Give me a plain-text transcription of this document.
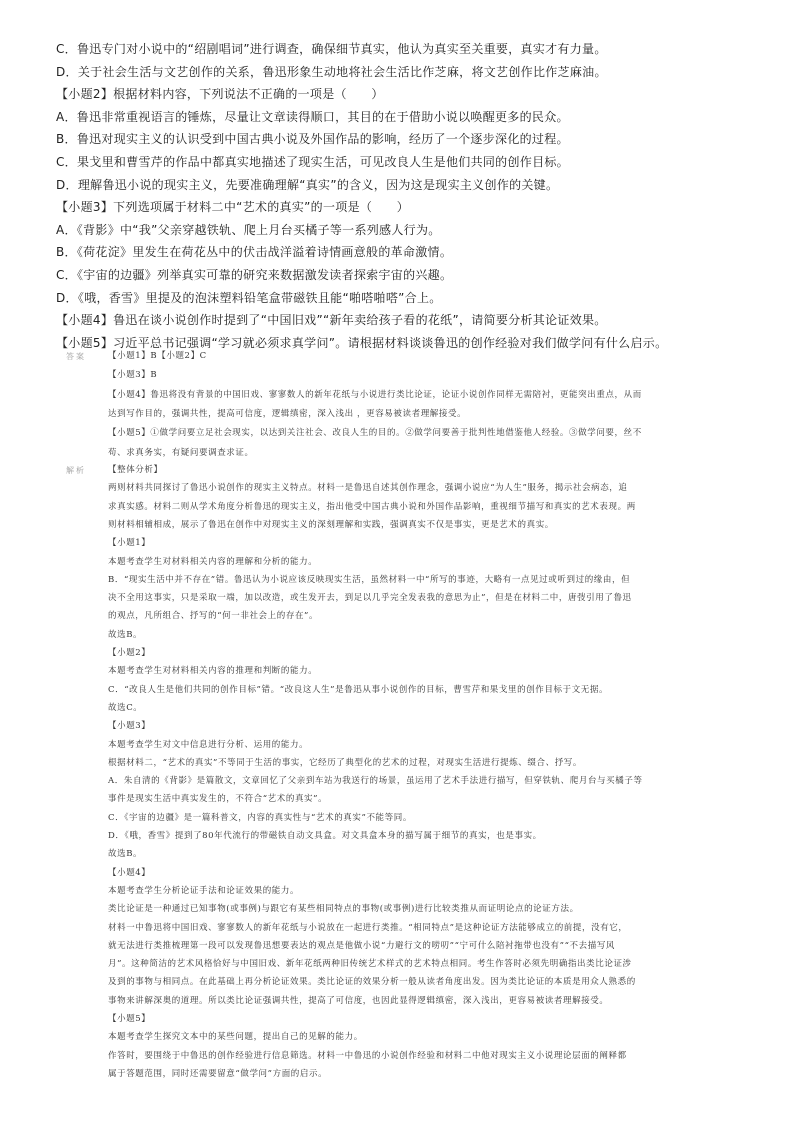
C．鲁迅专门对小说中的“绍剧唱词”进行调查，确保细节真实，他认为真实至关重要，真实才有力量。
D．关于社会生活与文艺创作的关系，鲁迅形象生动地将社会生活比作芝麻，将文艺创作比作芝麻油。
【小题2】根据材料内容，下列说法不正确的一项是（　　）
A．鲁迅非常重视语言的锤炼，尽量让文章读得顺口，其目的在于借助小说以唤醒更多的民众。
B．鲁迅对现实主义的认识受到中国古典小说及外国作品的影响，经历了一个逐步深化的过程。
C．果戈里和曹雪芹的作品中都真实地描述了现实生活，可见改良人生是他们共同的创作目标。
D．理解鲁迅小说的现实主义，先要准确理解“真实”的含义，因为这是现实主义创作的关键。
【小题3】下列选项属于材料二中“艺术的真实”的一项是（　　）
A．《背影》中“我”父亲穿越铁轨、爬上月台买橘子等一系列感人行为。
B．《荷花淀》里发生在荷花丛中的伏击战洋溢着诗情画意般的革命激情。
C．《宇宙的边疆》列举真实可靠的研究来数据激发读者探索宇宙的兴趣。
D．《哦，香雪》里提及的泡沫塑料铅笔盒带磁铁且能“啪嗒啪嗒”合上。
【小题4】鲁迅在谈小说创作时提到了“中国旧戏”“新年卖给孩子看的花纸”，请简要分析其论证效果。
【小题5】习近平总书记强调“学习就必须求真学问”。请根据材料谈谈鲁迅的创作经验对我们做学问有什么启示。
答案	【小题1】B【小题2】C
【小题3】B
【小题4】鲁迅将没有背景的中国旧戏、寥寥数人的新年花纸与小说进行类比论证，论证小说创作同样无需陪衬，更能突出重点，从而
达到写作目的，强调共性，提高可信度，逻辑缜密，深入浅出 ，更容易被读者理解接受。
【小题5】①做学问要立足社会现实，以达到关注社会、改良人生的目的。②做学问要善于批判性地借鉴他人经验。③做学问要，丝不
苟、求真务实，有疑问要调查求证。
解析	【整体分析】
两则材料共同探讨了鲁迅小说创作的现实主义特点。材料一是鲁迅自述其创作理念，强调小说应“为人生”服务，揭示社会病态，追
求真实感。材料二则从学术角度分析鲁迅的现实主义，指出他受中国古典小说和外国作品影响，重视细节描写和真实的艺术表现。两
则材料相辅相成，展示了鲁迅在创作中对现实主义的深刻理解和实践，强调真实不仅是事实，更是艺术的真实。
【小题1】
本题考查学生对材料相关内容的理解和分析的能力。
B．“现实生活中并不存在”错。鲁迅认为小说应该反映现实生活，虽然材料一中“所写的事迹，大略有一点见过或听到过的缘由，但
决不全用这事实，只是采取一端，加以改造，或生发开去，到足以几乎完全发表我的意思为止”，但是在材料二中，唐弢引用了鲁迅
的观点，凡所组合、抒写的“何一非社会上的存在”。
故选B。
【小题2】
本题考查学生对材料相关内容的推理和判断的能力。
C．“改良人生是他们共同的创作目标”错。“改良这人生”是鲁迅从事小说创作的目标，曹雪芹和果戈里的创作目标于文无据。
故选C。
【小题3】
本题考查学生对文中信息进行分析、运用的能力。
根据材料二，“艺术的真实”不等同于生活的事实，它经历了典型化的艺术的过程，对现实生活进行提炼、缀合、抒写。
A．朱自清的《背影》是篇散文，文章回忆了父亲到车站为我送行的场景，虽运用了艺术手法进行描写，但穿铁轨、爬月台与买橘子等
事件是现实生活中真实发生的，不符合“艺术的真实”。
C．《宇宙的边疆》是一篇科普文，内容的真实性与“艺术的真实”不能等同。
D．《哦，香雪》提到了80年代流行的带磁铁自动文具盒。对文具盒本身的描写属于细节的真实，也是事实。
故选B。
【小题4】
本题考查学生分析论证手法和论证效果的能力。
类比论证是一种通过已知事物(或事例)与跟它有某些相同特点的事物(或事例)进行比较类推从而证明论点的论证方法。
材料一中鲁迅将中国旧戏、寥寥数人的新年花纸与小说放在一起进行类推。“相同特点”是这种论证方法能够成立的前提，没有它，
就无法进行类推梳理第一段可以发现鲁迅想要表达的观点是他做小说“力避行文的唠叨”“宁可什么陪衬拖带也没有”“不去描写风
月”。这种简洁的艺术风格恰好与中国旧戏、新年花纸两种旧传统艺术样式的艺术特点相同。考生作答时必须先明确指出类比论证涉
及到的事物与相同点。在此基础上再分析论证效果。类比论证的效果分析一般从读者角度出发。因为类比论证的本质是用众人熟悉的
事物来讲解深奥的道理。所以类比论证强调共性，提高了可信度，也因此显得逻辑缜密，深入浅出，更容易被读者理解接受。
【小题5】
本题考查学生探究文本中的某些问题，提出自己的见解的能力。
作答时，要围绕于中鲁迅的创作经验进行信息筛选。材料一中鲁迅的小说创作经验和材料二中他对现实主义小说理论层面的阐释都
属于答题范围，同时还需要留意“做学问”方面的启示。
